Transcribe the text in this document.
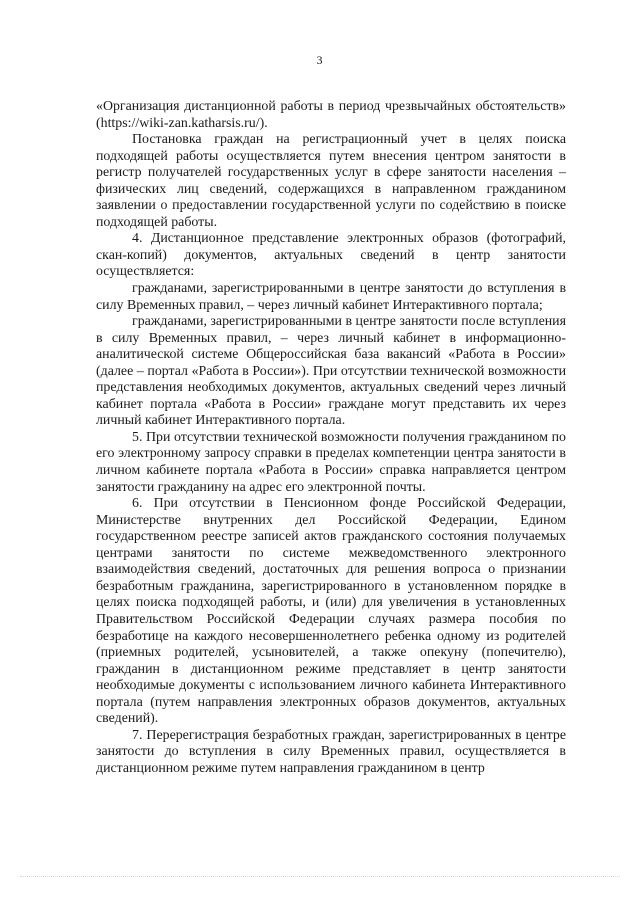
3

«Организация дистанционной работы в период чрезвычайных обстоятельств» (https://wiki-zan.katharsis.ru/).

Постановка граждан на регистрационный учет в целях поиска подходящей работы осуществляется путем внесения центром занятости в регистр получателей государственных услуг в сфере занятости населения – физических лиц сведений, содержащихся в направленном гражданином заявлении о предоставлении государственной услуги по содействию в поиске подходящей работы.

4. Дистанционное представление электронных образов (фотографий, скан-копий) документов, актуальных сведений в центр занятости осуществляется:

гражданами, зарегистрированными в центре занятости до вступления в силу Временных правил, – через личный кабинет Интерактивного портала;

гражданами, зарегистрированными в центре занятости после вступления в силу Временных правил, – через личный кабинет в информационно-аналитической системе Общероссийская база вакансий «Работа в России» (далее – портал «Работа в России»). При отсутствии технической возможности представления необходимых документов, актуальных сведений через личный кабинет портала «Работа в России» граждане могут представить их через личный кабинет Интерактивного портала.

5. При отсутствии технической возможности получения гражданином по его электронному запросу справки в пределах компетенции центра занятости в личном кабинете портала «Работа в России» справка направляется центром занятости гражданину на адрес его электронной почты.

6. При отсутствии в Пенсионном фонде Российской Федерации, Министерстве внутренних дел Российской Федерации, Едином государственном реестре записей актов гражданского состояния получаемых центрами занятости по системе межведомственного электронного взаимодействия сведений, достаточных для решения вопроса о признании безработным гражданина, зарегистрированного в установленном порядке в целях поиска подходящей работы, и (или) для увеличения в установленных Правительством Российской Федерации случаях размера пособия по безработице на каждого несовершеннолетнего ребенка одному из родителей (приемных родителей, усыновителей, а также опекуну (попечителю), гражданин в дистанционном режиме представляет в центр занятости необходимые документы с использованием личного кабинета Интерактивного портала (путем направления электронных образов документов, актуальных сведений).

7. Перерегистрация безработных граждан, зарегистрированных в центре занятости до вступления в силу Временных правил, осуществляется в дистанционном режиме путем направления гражданином в центр
